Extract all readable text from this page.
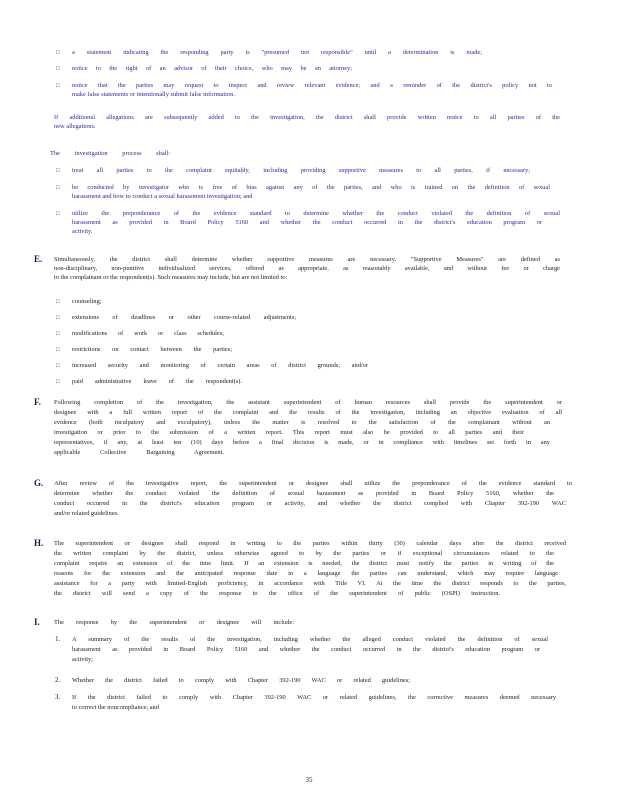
□ a statement indicating the responding party is "presumed not responsible" until a determination is made;
□ notice to the right of an advisor of their choice, who may be an attorney;
□ notice that the parties may request to inspect and review relevant evidence; and a reminder of the district's policy not to
make false statements or intentionally submit false information.
If additional allegations are subsequently added to the investigation, the district shall provide written notice to all parties of the
new allegations.
The investigation process shall:
□ treat all parties to the complaint equitably, including providing supportive measures to all parties, if necessary;
□ be conducted by investigator who is free of bias against any of the parties, and who is trained on the definition of sexual
harassment and how to conduct a sexual harassment investigation; and
□ utilize the preponderance of the evidence standard to determine whether the conduct violated the definition of sexual
harassment as provided in Board Policy 5160 and whether the conduct occurred in the district's education program or
activity.
E. Simultaneously, the district shall determine whether supportive measures are necessary. "Supportive Measures" are defined as
non-disciplinary, non-punitive individualized services, offered as appropriate, as reasonably available, and without fee or charge
to the complainant or the respondent(s). Such measures may include, but are not limited to:
□ counseling;
□ extensions of deadlines or other course-related adjustments;
□ modifications of work or class schedules;
□ restrictions on contact between the parties;
□ increased security and monitoring of certain areas of district grounds; and/or
□ paid administrative leave of the respondent(s).
F. Following completion of the investigation, the assistant superintendent of human resources shall provide the superintendent or
designee with a full written report of the complaint and the results of the investigation, including an objective evaluation of all
evidence (both inculpatory and exculpatory), unless the matter is resolved to the satisfaction of the complainant without an
investigation or prior to the submission of a written report. This report must also be provided to all parties and their
representatives, if any, at least ten (10) days before a final decision is made, or in compliance with timelines set forth in any
applicable Collective Bargaining Agreement.
G. After review of the investigative report, the superintendent or designee shall utilize the preponderance of the evidence standard to
determine whether the conduct violated the definition of sexual harassment as provided in Board Policy 5160, whether the
conduct occurred in the district's education program or activity, and whether the district complied with Chapter 392-190 WAC
and/or related guidelines.
H. The superintendent or designee shall respond in writing to the parties within thirty (30) calendar days after the district received
the written complaint by the district, unless otherwise agreed to by the parties or if exceptional circumstances related to the
complaint require an extension of the time limit. If an extension is needed, the district must notify the parties in writing of the
reasons for the extension and the anticipated response date in a language the parties can understand, which may require language
assistance for a party with limited-English proficiency, in accordance with Title VI. At the time the district responds to the parties,
the district will send a copy of the response to the office of the superintendent of public (OSPI) instruction.
I. The response by the superintendent or designee will include:
1. A summary of the results of the investigation, including whether the alleged conduct violated the definition of sexual
harassment as provided in Board Policy 5160 and whether the conduct occurred in the district's education program or
activity;
2. Whether the district failed to comply with Chapter 392-190 WAC or related guidelines;
3. If the district failed to comply with Chapter 392-190 WAC or related guidelines, the corrective measures deemed necessary
to correct the noncompliance; and
35
